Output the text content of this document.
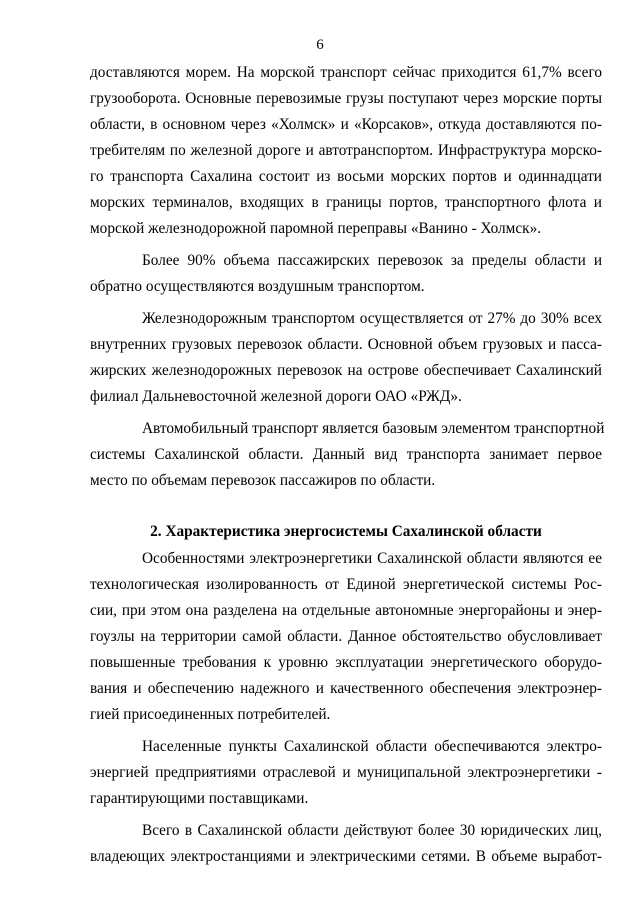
6
доставляются морем. На морской транспорт сейчас приходится 61,7% всего
грузооборота. Основные перевозимые грузы поступают через морские порты
области, в основном через «Холмск» и «Корсаков», откуда доставляются по-
требителям по железной дороге и автотранспортом. Инфраструктура морско-
го транспорта Сахалина состоит из восьми морских портов и одиннадцати
морских терминалов, входящих в границы портов, транспортного флота и
морской железнодорожной паромной переправы «Ванино - Холмск».
Более 90% объема пассажирских перевозок за пределы области и
обратно осуществляются воздушным транспортом.
Железнодорожным транспортом осуществляется от 27% до 30% всех
внутренних грузовых перевозок области. Основной объем грузовых и пасса-
жирских железнодорожных перевозок на острове обеспечивает Сахалинский
филиал Дальневосточной железной дороги ОАО «РЖД».
Автомобильный транспорт является базовым элементом транспортной
системы Сахалинской области. Данный вид транспорта занимает первое
место по объемам перевозок пассажиров по области.
2. Характеристика энергосистемы Сахалинской области
Особенностями электроэнергетики Сахалинской области являются ее
технологическая изолированность от Единой энергетической системы Рос-
сии, при этом она разделена на отдельные автономные энергорайоны и энер-
гоузлы на территории самой области. Данное обстоятельство обусловливает
повышенные требования к уровню эксплуатации энергетического оборудо-
вания и обеспечению надежного и качественного обеспечения электроэнер-
гией присоединенных потребителей.
Населенные пункты Сахалинской области обеспечиваются электро-
энергией предприятиями отраслевой и муниципальной электроэнергетики -
гарантирующими поставщиками.
Всего в Сахалинской области действуют более 30 юридических лиц,
владеющих электростанциями и электрическими сетями. В объеме выработ-
